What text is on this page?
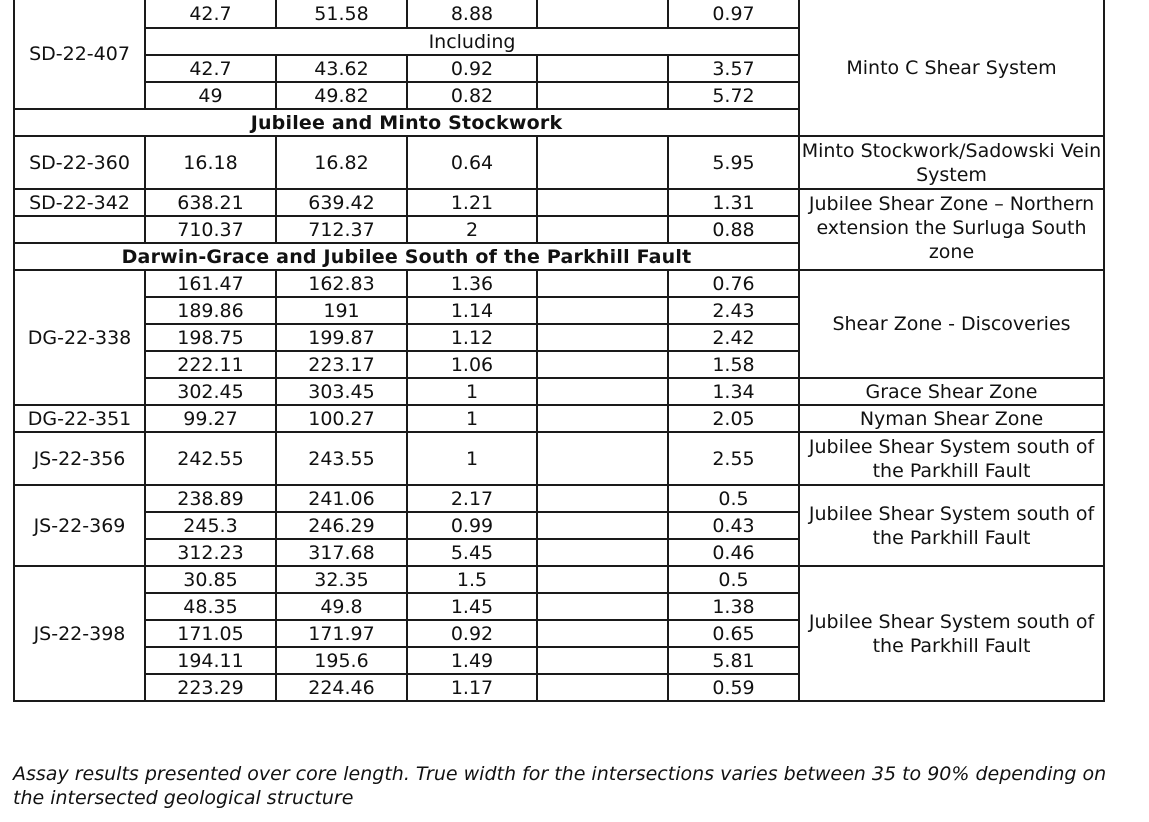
SD-22-407	42.7	51.58	8.88		0.97	Minto C Shear System
	Including					
	42.7	43.62	0.92		3.57	
	49	49.82	0.82		5.72	
Jubilee and Minto Stockwork						
SD-22-360	16.18	16.82	0.64		5.95	Minto Stockwork/Sadowski Vein System
SD-22-342	638.21	639.42	1.21		1.31	Jubilee Shear Zone – Northern extension the Surluga South zone
	710.37	712.37	2		0.88	
Darwin-Grace and Jubilee South of the Parkhill Fault						
DG-22-338	161.47	162.83	1.36		0.76	Shear Zone - Discoveries
	189.86	191	1.14		2.43	
	198.75	199.87	1.12		2.42	
	222.11	223.17	1.06		1.58	
	302.45	303.45	1		1.34	Grace Shear Zone
DG-22-351	99.27	100.27	1		2.05	Nyman Shear Zone
JS-22-356	242.55	243.55	1		2.55	Jubilee Shear System south of the Parkhill Fault
JS-22-369	238.89	241.06	2.17		0.5	Jubilee Shear System south of the Parkhill Fault
	245.3	246.29	0.99		0.43	
	312.23	317.68	5.45		0.46	
JS-22-398	30.85	32.35	1.5		0.5	Jubilee Shear System south of the Parkhill Fault
	48.35	49.8	1.45		1.38	
	171.05	171.97	0.92		0.65	
	194.11	195.6	1.49		5.81	
	223.29	224.46	1.17		0.59	
Assay results presented over core length. True width for the intersections varies between 35 to 90% depending on the intersected geological structure
